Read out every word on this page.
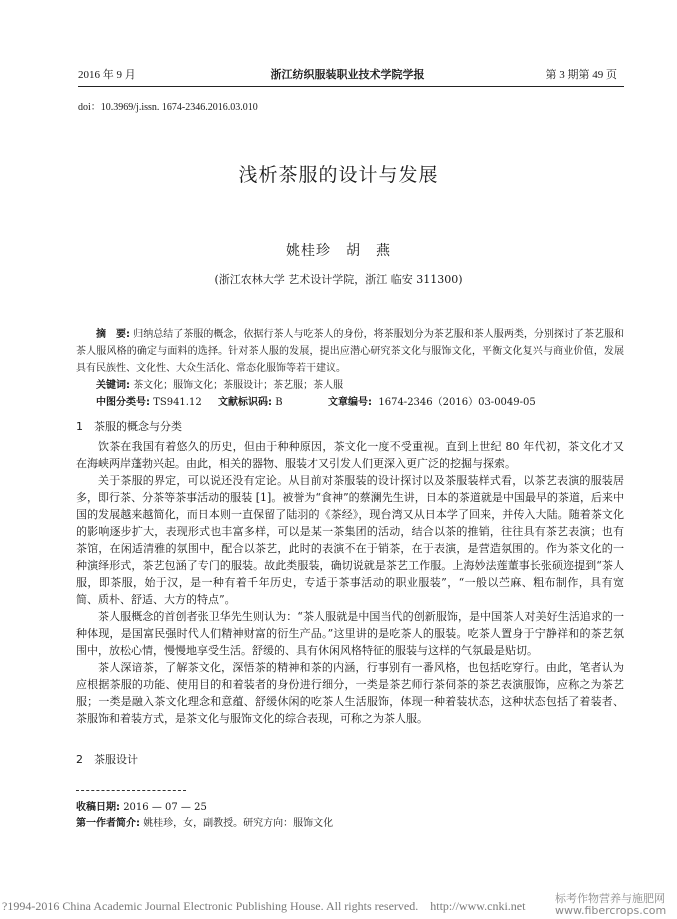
2016 年 9 月	浙江纺织服装职业技术学院学报	第 3 期第 49 页
doi：10.3969/j.issn. 1674-2346.2016.03.010
浅析茶服的设计与发展
姚桂珍　胡　燕
(浙江农林大学 艺术设计学院，浙江 临安 311300)
摘　要: 归纳总结了茶服的概念，依据行茶人与吃茶人的身份，将茶服划分为茶艺服和茶人服两类，分别探讨了茶艺服和茶人服风格的确定与面料的选择。针对茶人服的发展，提出应潜心研究茶文化与服饰文化，平衡文化复兴与商业价值，发展具有民族性、文化性、大众生活化、常态化服饰等若干建议。
关键词: 茶文化；服饰文化；茶服设计；茶艺服；茶人服
中图分类号: TS941.12 文献标识码: B	文章编号: 1674-2346（2016）03-0049-05
1　茶服的概念与分类

饮茶在我国有着悠久的历史，但由于种种原因，茶文化一度不受重视。直到上世纪 80 年代初，茶文化才又在海峡两岸蓬勃兴起。由此，相关的器物、服装才又引发人们更深入更广泛的挖掘与探索。

关于茶服的界定，可以说还没有定论。从目前对茶服装的设计探讨以及茶服装样式看，以茶艺表演的服装居多，即行茶、分茶等茶事活动的服装 [1]。被誉为“食神”的蔡澜先生讲，日本的茶道就是中国最早的茶道，后来中国的发展越来越简化，而日本则一直保留了陆羽的《茶经》，现台湾又从日本学了回来，并传入大陆。随着茶文化的影响逐步扩大，表现形式也丰富多样，可以是某一茶集团的活动，结合以茶的推销，往往具有茶艺表演；也有茶馆，在闲适清雅的氛围中，配合以茶艺，此时的表演不在于销茶，在于表演，是营造氛围的。作为茶文化的一种演绎形式，茶艺包涵了专门的服装。故此类服装，确切说就是茶艺工作服。上海妙法莲董事长张硕迩提到“茶人服，即茶服，始于汉，是一种有着千年历史，专适于茶事活动的职业服装”，“一般以苎麻、粗布制作，具有宽简、质朴、舒适、大方的特点”。

茶人服概念的首创者张卫华先生则认为：“茶人服就是中国当代的创新服饰，是中国茶人对美好生活追求的一种体现，是国富民强时代人们精神财富的衍生产品。”这里讲的是吃茶人的服装。吃茶人置身于宁静祥和的茶艺氛围中，放松心情，慢慢地享受生活。舒缓的、具有休闲风格特征的服装与这样的气氛最是贴切。

茶人深谙茶，了解茶文化，深悟茶的精神和茶的内涵，行事别有一番风格，也包括吃穿行。由此，笔者认为应根据茶服的功能、使用目的和着装者的身份进行细分，一类是茶艺师行茶伺茶的茶艺表演服饰，应称之为茶艺服；一类是融入茶文化理念和意蕴、舒缓休闲的吃茶人生活服饰，体现一种着装状态，这种状态包括了着装者、茶服饰和着装方式，是茶文化与服饰文化的综合表现，可称之为茶人服。

2　茶服设计
收稿日期: 2016 — 07 — 25
第一作者简介: 姚桂珍，女，副教授。研究方向：服饰文化
?1994-2016 China Academic Journal Electronic Publishing House. All rights reserved.　http://www.cnki.net
标考作物营养与施肥网
www.fibercrops.com
